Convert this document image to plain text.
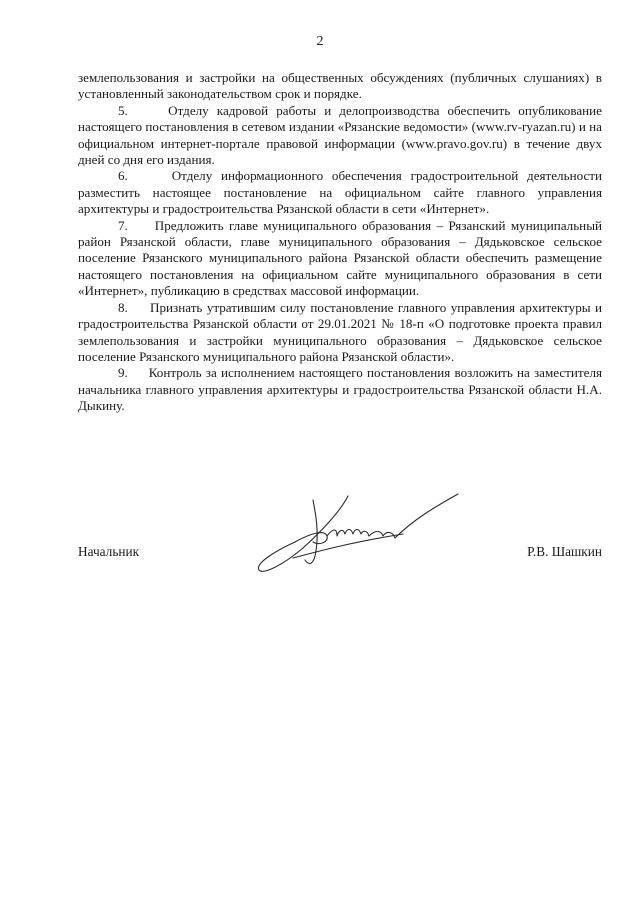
2

землепользования и застройки на общественных обсуждениях (публичных слушаниях) в установленный законодательством срок и порядке.

5.     Отделу кадровой работы и делопроизводства обеспечить опубликование настоящего постановления в сетевом издании «Рязанские ведомости» (www.rv-ryazan.ru) и на официальном интернет-портале правовой информации (www.pravo.gov.ru) в течение двух дней со дня его издания.

6.     Отделу информационного обеспечения градостроительной деятельности разместить настоящее постановление на официальном сайте главного управления архитектуры и градостроительства Рязанской области в сети «Интернет».

7.     Предложить главе муниципального образования – Рязанский муниципальный район Рязанской области, главе муниципального образования – Дядьковское сельское поселение Рязанского муниципального района Рязанской области обеспечить размещение настоящего постановления на официальном сайте муниципального образования в сети «Интернет», публикацию в средствах массовой информации.

8.     Признать утратившим силу постановление главного управления архитектуры и градостроительства Рязанской области от 29.01.2021 № 18-п «О подготовке проекта правил землепользования и застройки муниципального образования – Дядьковское сельское поселение Рязанского муниципального района Рязанской области».

9.     Контроль за исполнением настоящего постановления возложить на заместителя начальника главного управления архитектуры и градостроительства Рязанской области Н.А. Дыкину.

Начальник	Р.В. Шашкин
